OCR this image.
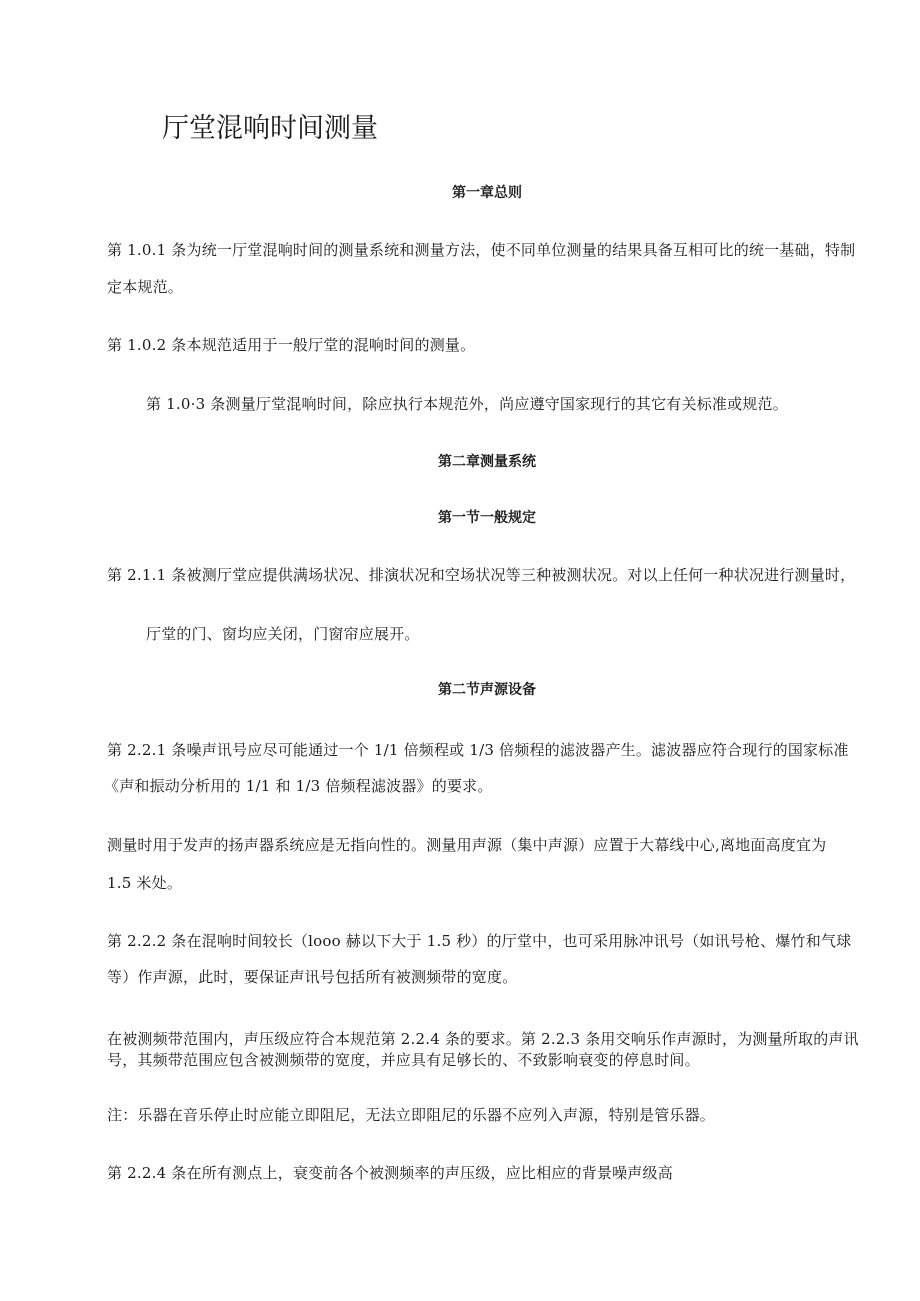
厅堂混响时间测量
第一章总则
第 1.0.1 条为统一厅堂混响时间的测量系统和测量方法，使不同单位测量的结果具备互相可比的统一基础，特制
定本规范。
第 1.0.2 条本规范适用于一般厅堂的混响时间的测量。
第 1.0·3 条测量厅堂混响时间，除应执行本规范外，尚应遵守国家现行的其它有关标准或规范。
第二章测量系统
第一节一般规定
第 2.1.1 条被测厅堂应提供满场状况、排演状况和空场状况等三种被测状况。对以上任何一种状况进行测量时，
厅堂的门、窗均应关闭，门窗帘应展开。
第二节声源设备
第 2.2.1 条噪声讯号应尽可能通过一个 1/1 倍频程或 1/3 倍频程的滤波器产生。滤波器应符合现行的国家标准
《声和振动分析用的 1/1 和 1/3 倍频程滤波器》的要求。
测量时用于发声的扬声器系统应是无指向性的。测量用声源（集中声源）应置于大幕线中心,离地面高度宜为
1.5 米处。
第 2.2.2 条在混响时间较长（looo 赫以下大于 1.5 秒）的厅堂中，也可采用脉冲讯号（如讯号枪、爆竹和气球
等）作声源，此时，要保证声讯号包括所有被测频带的宽度。
在被测频带范围内，声压级应符合本规范第 2.2.4 条的要求。第 2.2.3 条用交响乐作声源时，为测量所取的声讯
号，其频带范围应包含被测频带的宽度，并应具有足够长的、不致影响衰变的停息时间。
注：乐器在音乐停止时应能立即阻尼，无法立即阻尼的乐器不应列入声源，特别是管乐器。
第 2.2.4 条在所有测点上，衰变前各个被测频率的声压级，应比相应的背景噪声级高
